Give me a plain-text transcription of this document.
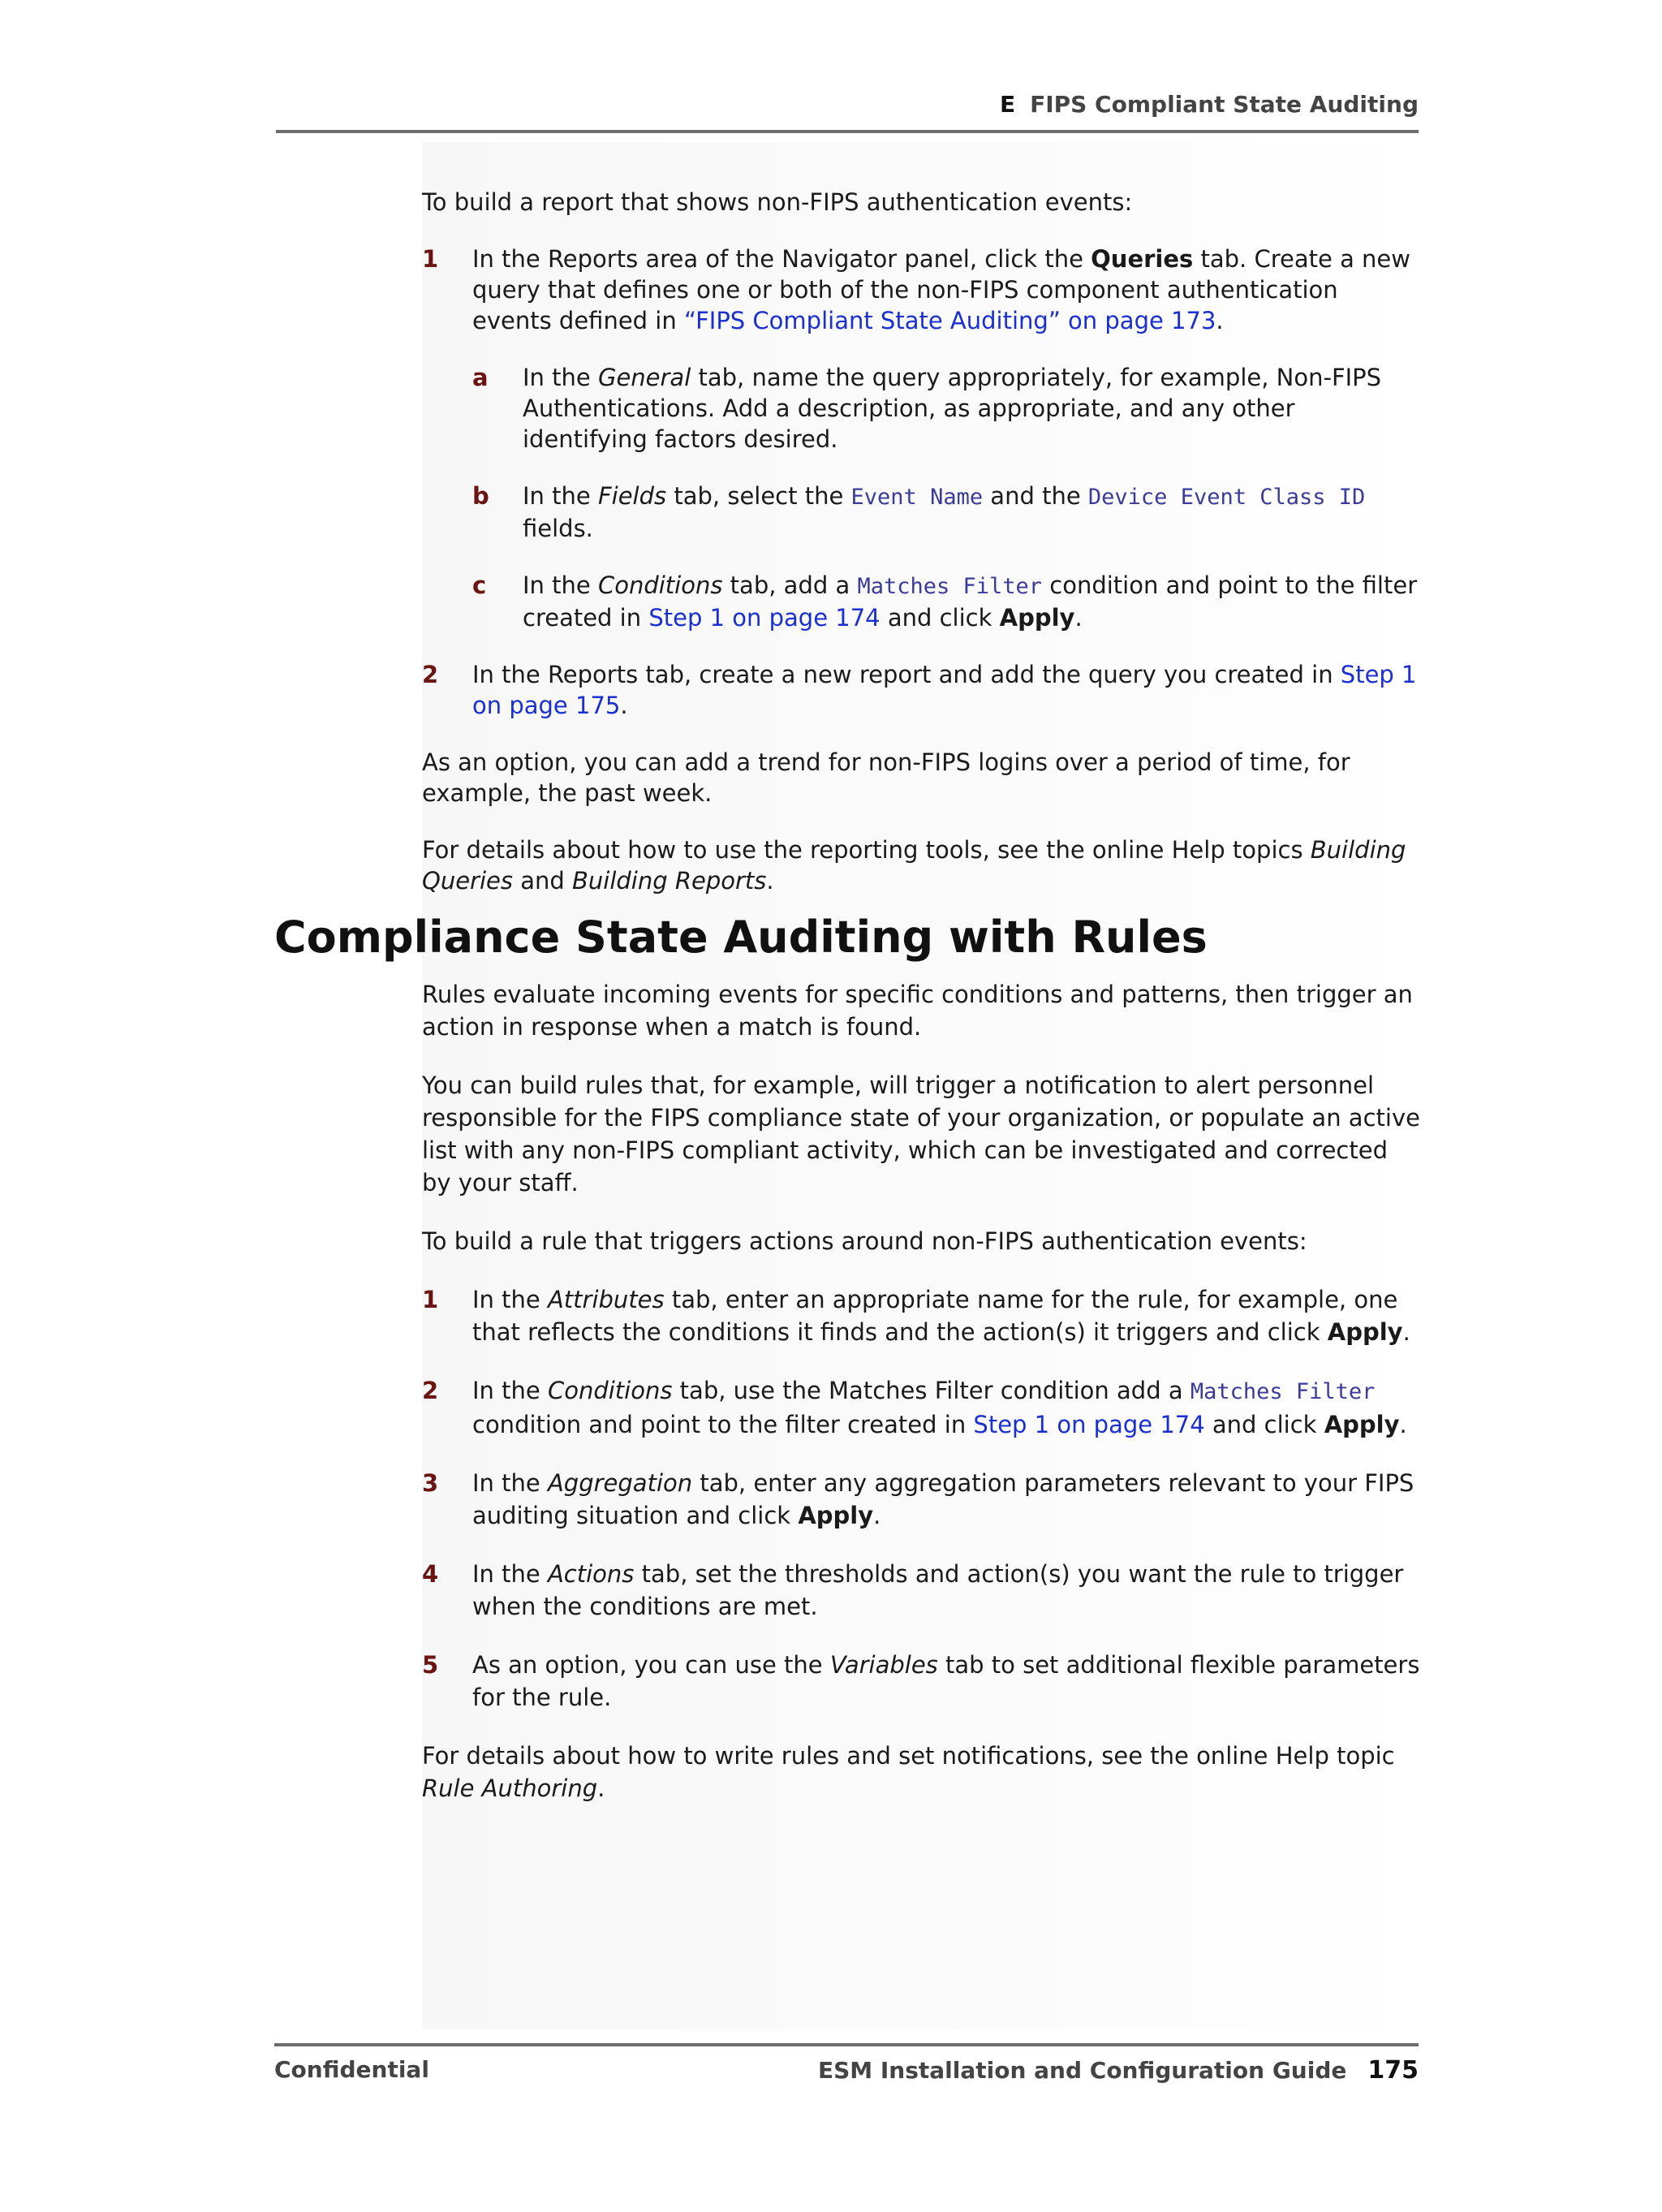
E FIPS Compliant State Auditing

To build a report that shows non-FIPS authentication events:

1 In the Reports area of the Navigator panel, click the Queries tab. Create a new query that defines one or both of the non-FIPS component authentication events defined in “FIPS Compliant State Auditing” on page 173.
a In the General tab, name the query appropriately, for example, Non-FIPS Authentications. Add a description, as appropriate, and any other identifying factors desired.
b In the Fields tab, select the Event Name and the Device Event Class ID fields.
c In the Conditions tab, add a Matches Filter condition and point to the filter created in Step 1 on page 174 and click Apply.
2 In the Reports tab, create a new report and add the query you created in Step 1 on page 175.

As an option, you can add a trend for non-FIPS logins over a period of time, for example, the past week.

For details about how to use the reporting tools, see the online Help topics Building Queries and Building Reports.

Compliance State Auditing with Rules

Rules evaluate incoming events for specific conditions and patterns, then trigger an action in response when a match is found.

You can build rules that, for example, will trigger a notification to alert personnel responsible for the FIPS compliance state of your organization, or populate an active list with any non-FIPS compliant activity, which can be investigated and corrected by your staff.

To build a rule that triggers actions around non-FIPS authentication events:

1 In the Attributes tab, enter an appropriate name for the rule, for example, one that reflects the conditions it finds and the action(s) it triggers and click Apply.
2 In the Conditions tab, use the Matches Filter condition add a Matches Filter condition and point to the filter created in Step 1 on page 174 and click Apply.
3 In the Aggregation tab, enter any aggregation parameters relevant to your FIPS auditing situation and click Apply.
4 In the Actions tab, set the thresholds and action(s) you want the rule to trigger when the conditions are met.
5 As an option, you can use the Variables tab to set additional flexible parameters for the rule.

For details about how to write rules and set notifications, see the online Help topic Rule Authoring.

Confidential	ESM Installation and Configuration Guide 175
